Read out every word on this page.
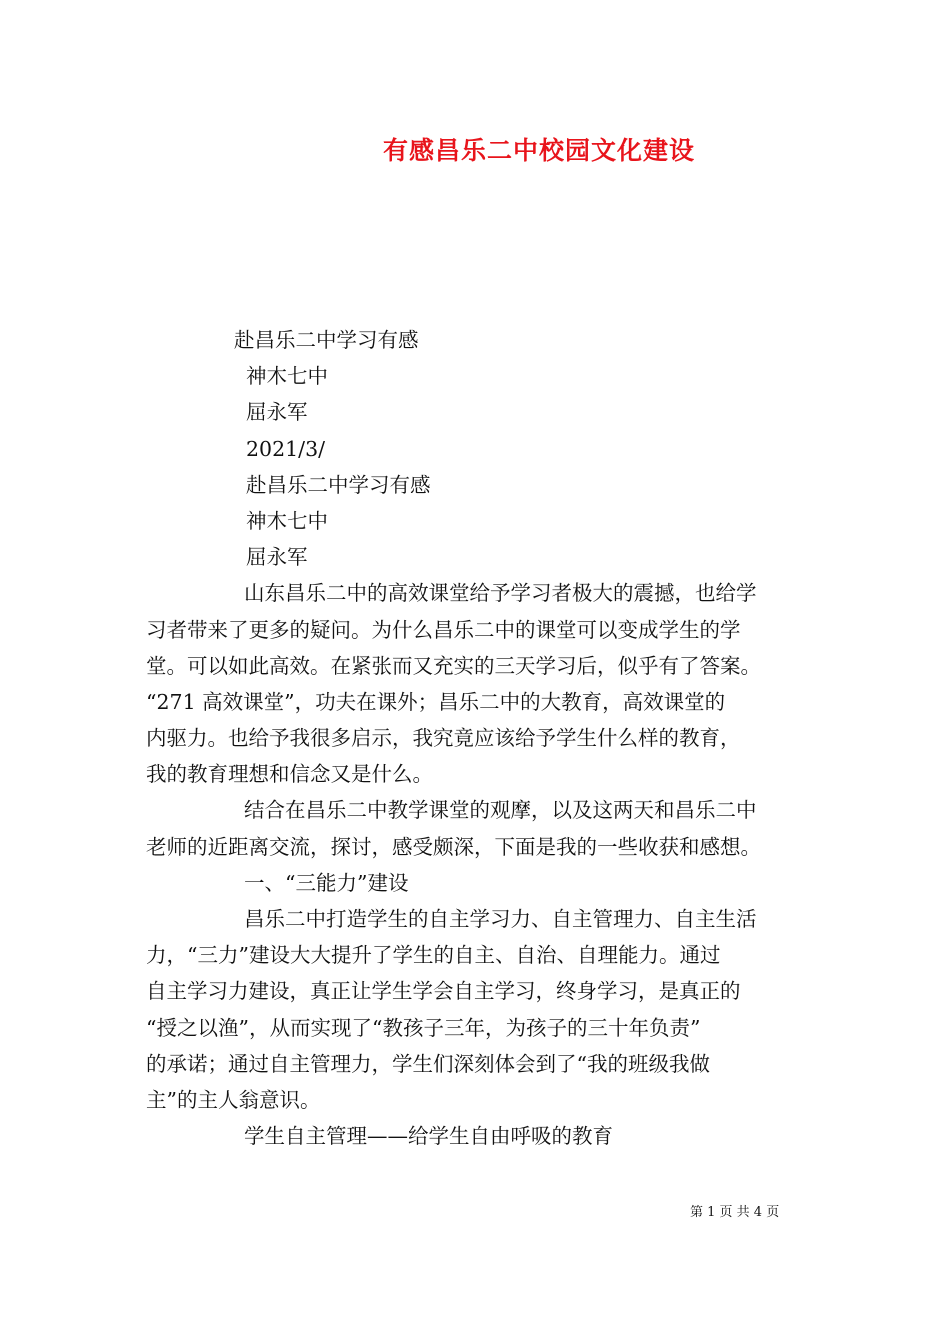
有感昌乐二中校园文化建设
赴昌乐二中学习有感
神木七中
屈永军
2021/3/
赴昌乐二中学习有感
神木七中
屈永军
山东昌乐二中的高效课堂给予学习者极大的震撼，也给学
习者带来了更多的疑问。为什么昌乐二中的课堂可以变成学生的学
堂。可以如此高效。在紧张而又充实的三天学习后，似乎有了答案。
“271 高效课堂”，功夫在课外；昌乐二中的大教育，高效课堂的
内驱力。也给予我很多启示，我究竟应该给予学生什么样的教育，
我的教育理想和信念又是什么。
结合在昌乐二中教学课堂的观摩，以及这两天和昌乐二中
老师的近距离交流，探讨，感受颇深，下面是我的一些收获和感想。
一、“三能力”建设
昌乐二中打造学生的自主学习力、自主管理力、自主生活
力，“三力”建设大大提升了学生的自主、自治、自理能力。通过
自主学习力建设，真正让学生学会自主学习，终身学习，是真正的
“授之以渔”，从而实现了“教孩子三年，为孩子的三十年负责”
的承诺；通过自主管理力，学生们深刻体会到了“我的班级我做
主”的主人翁意识。
学生自主管理——给学生自由呼吸的教育
第 1 页 共 4 页
